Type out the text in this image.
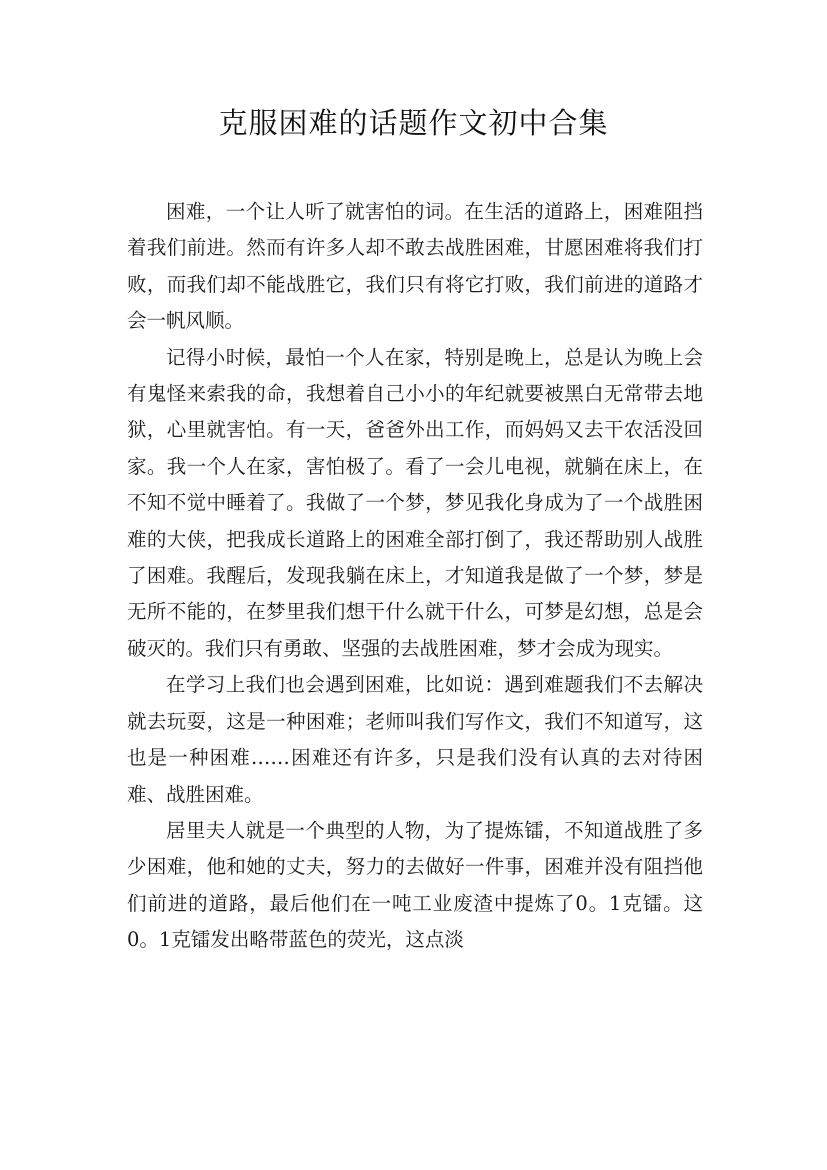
克服困难的话题作文初中合集

困难，一个让人听了就害怕的词。在生活的道路上，困难阻挡着我们前进。然而有许多人却不敢去战胜困难，甘愿困难将我们打败，而我们却不能战胜它，我们只有将它打败，我们前进的道路才会一帆风顺。

记得小时候，最怕一个人在家，特别是晚上，总是认为晚上会有鬼怪来索我的命，我想着自己小小的年纪就要被黑白无常带去地狱，心里就害怕。有一天，爸爸外出工作，而妈妈又去干农活没回家。我一个人在家，害怕极了。看了一会儿电视，就躺在床上，在不知不觉中睡着了。我做了一个梦，梦见我化身成为了一个战胜困难的大侠，把我成长道路上的困难全部打倒了，我还帮助别人战胜了困难。我醒后，发现我躺在床上，才知道我是做了一个梦，梦是无所不能的，在梦里我们想干什么就干什么，可梦是幻想，总是会破灭的。我们只有勇敢、坚强的去战胜困难，梦才会成为现实。

在学习上我们也会遇到困难，比如说：遇到难题我们不去解决就去玩耍，这是一种困难；老师叫我们写作文，我们不知道写，这也是一种困难……困难还有许多，只是我们没有认真的去对待困难、战胜困难。

居里夫人就是一个典型的人物，为了提炼镭，不知道战胜了多少困难，他和她的丈夫，努力的去做好一件事，困难并没有阻挡他们前进的道路，最后他们在一吨工业废渣中提炼了0。1克镭。这0。1克镭发出略带蓝色的荧光，这点淡
